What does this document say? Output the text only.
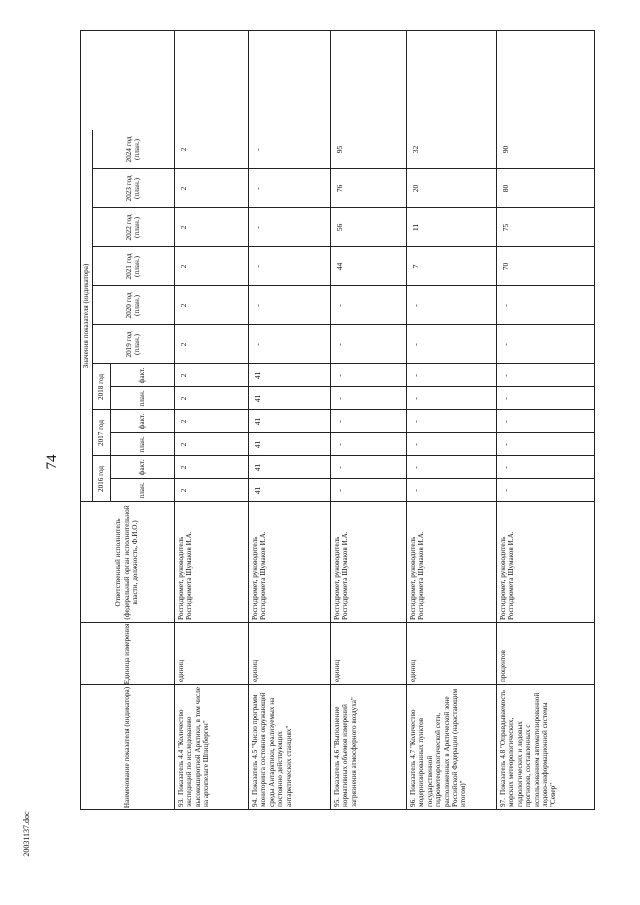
74
20031137.doc
Наименование показателя (индикатора)
Единица измерения
Ответственный исполнитель (федеральный орган исполнительной власти, должность, Ф.И.О.)
Значения показателя (индикатора)
2016 год
2017 год
2018 год
план.
факт.
план.
факт.
план.
факт.
2019 год (план.)
2020 год (план.)
2021 год (план.)
2022 год (план.)
2023 год (план.)
2024 год (план.)
93.Показатель 4.4 "Количество экспедиций по исследованию высокоширотной Арктики, в том числе на архипелаге Шпицберген"
единиц
Росгидромет, руководитель Росгидромета Шумаков И.А.
2
2
2
2
2
2
2
2
2
2
2
2
94.Показатель 4.5 "Число программ мониторинга состояния окружающей среды Антарктики, реализуемых на постоянно действующих антарктических станциях"
единиц
Росгидромет, руководитель Росгидромета Шумаков И.А.
41
41
41
41
41
41
-
-
-
-
-
-
95.Показатель 4.6 "Выполнение нормативных объемов измерений загрязнения атмосферного воздуха"
единиц
Росгидромет, руководитель Росгидромета Шумаков И.А.
-
-
-
-
-
-
-
-
44
56
76
95
96.Показатель 4.7 "Количество модернизированных пунктов государственной гидрометеорологической сети, расположенных в Арктической зоне Российской Федерации (нарастающим итогом)"
единиц
Росгидромет, руководитель Росгидромета Шумаков И.А.
-
-
-
-
-
-
-
-
7
11
20
32
97.Показатель 4.8 "Оправдываемость морских метеорологических, гидрологических и ледовых прогнозов, составленных с использованием автоматизированной ледово-информационной системы "Север"
процентов
Росгидромет, руководитель Росгидромета Шумаков И.А.
-
-
-
-
-
-
-
-
70
75
80
90
